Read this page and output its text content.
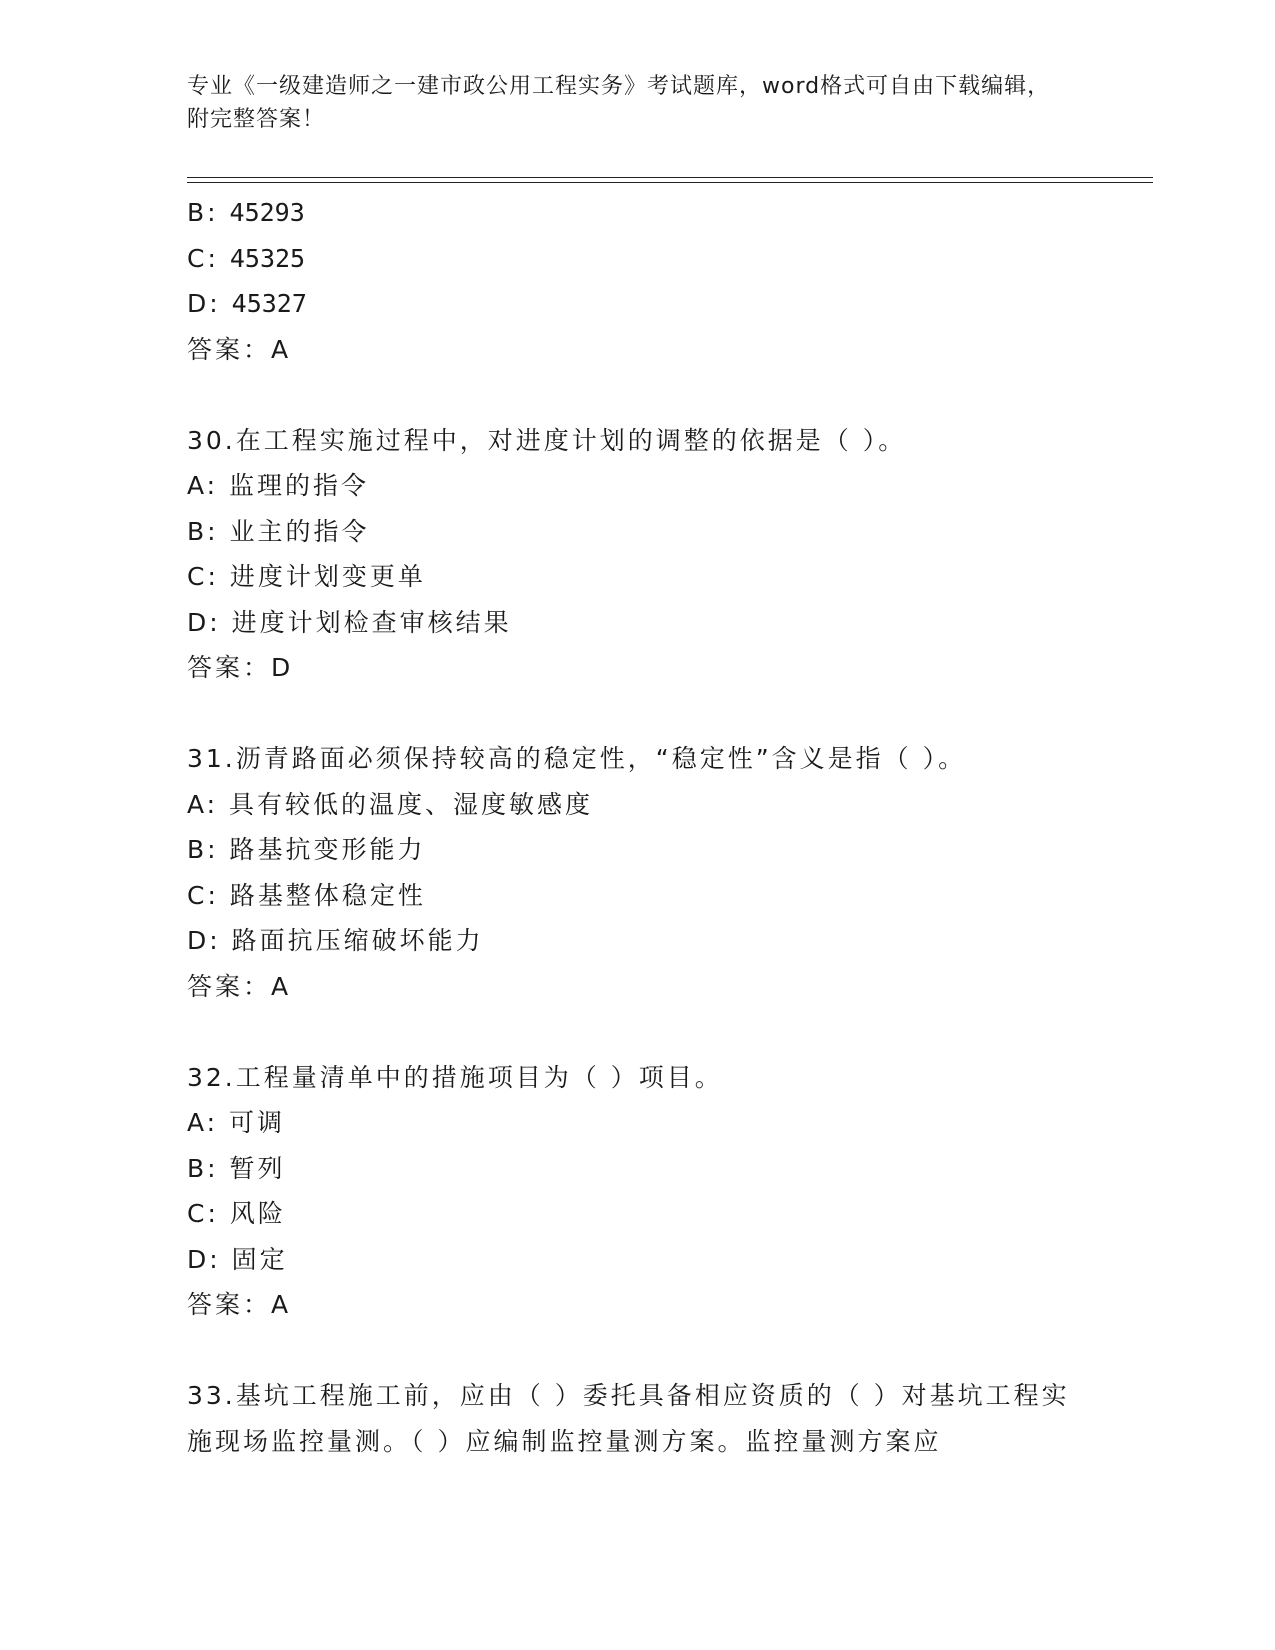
专业《一级建造师之一建市政公用工程实务》考试题库，word格式可自由下载编辑，附完整答案！
B: 45293
C: 45325
D: 45327
答案：A
30.在工程实施过程中，对进度计划的调整的依据是（ ）。
A: 监理的指令
B: 业主的指令
C: 进度计划变更单
D: 进度计划检查审核结果
答案：D
31.沥青路面必须保持较高的稳定性，“稳定性”含义是指（ ）。
A: 具有较低的温度、湿度敏感度
B: 路基抗变形能力
C: 路基整体稳定性
D: 路面抗压缩破坏能力
答案：A
32.工程量清单中的措施项目为（ ）项目。
A: 可调
B: 暂列
C: 风险
D: 固定
答案：A
33.基坑工程施工前，应由（ ）委托具备相应资质的（ ）对基坑工程实施现场监控量测。（ ）应编制监控量测方案。监控量测方案应
